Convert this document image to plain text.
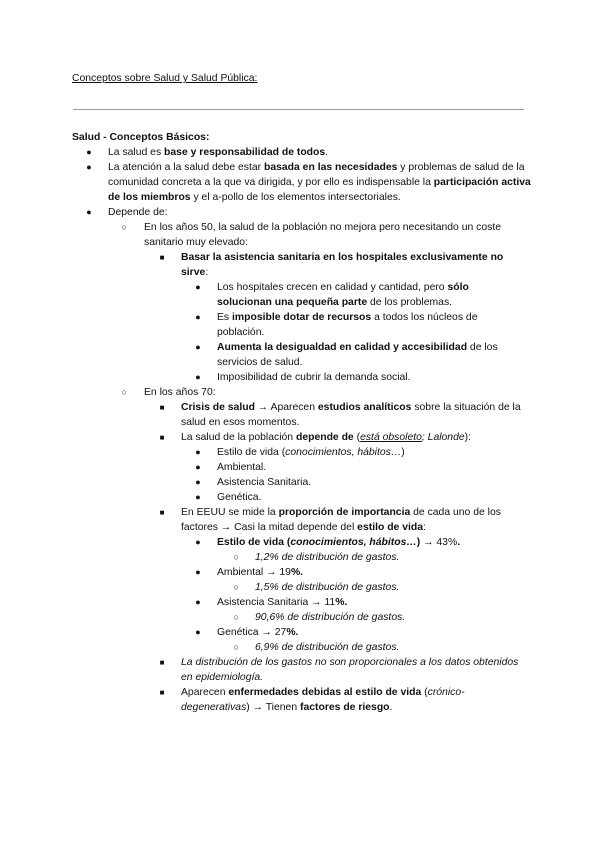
Conceptos sobre Salud y Salud Pública:
Salud - Conceptos Básicos:
● La salud es base y responsabilidad de todos.
● La atención a la salud debe estar basada en las necesidades y problemas de salud de la comunidad concreta a la que va dirigida, y por ello es indispensable la participación activa de los miembros y el a-pollo de los elementos intersectoriales.
● Depende de:
○ En los años 50, la salud de la población no mejora pero necesitando un coste sanitario muy elevado:
■ Basar la asistencia sanitaria en los hospitales exclusivamente no sirve:
● Los hospitales crecen en calidad y cantidad, pero sólo solucionan una pequeña parte de los problemas.
● Es imposible dotar de recursos a todos los núcleos de población.
● Aumenta la desigualdad en calidad y accesibilidad de los servicios de salud.
● Imposibilidad de cubrir la demanda social.
○ En los años 70:
■ Crisis de salud → Aparecen estudios analíticos sobre la situación de la salud en esos momentos.
■ La salud de la población depende de (está obsoleto; Lalonde):
● Estilo de vida (conocimientos, hábitos…)
● Ambiental.
● Asistencia Sanitaria.
● Genética.
■ En EEUU se mide la proporción de importancia de cada uno de los factores → Casi la mitad depende del estilo de vida:
● Estilo de vida (conocimientos, hábitos…) → 43%.
○ 1,2% de distribución de gastos.
● Ambiental → 19%.
○ 1,5% de distribución de gastos.
● Asistencia Sanitaria → 11%.
○ 90,6% de distribución de gastos.
● Genética → 27%.
○ 6,9% de distribución de gastos.
■ La distribución de los gastos no son proporcionales a los datos obtenidos en epidemiología.
■ Aparecen enfermedades debidas al estilo de vida (crónico-degenerativas) → Tienen factores de riesgo.
